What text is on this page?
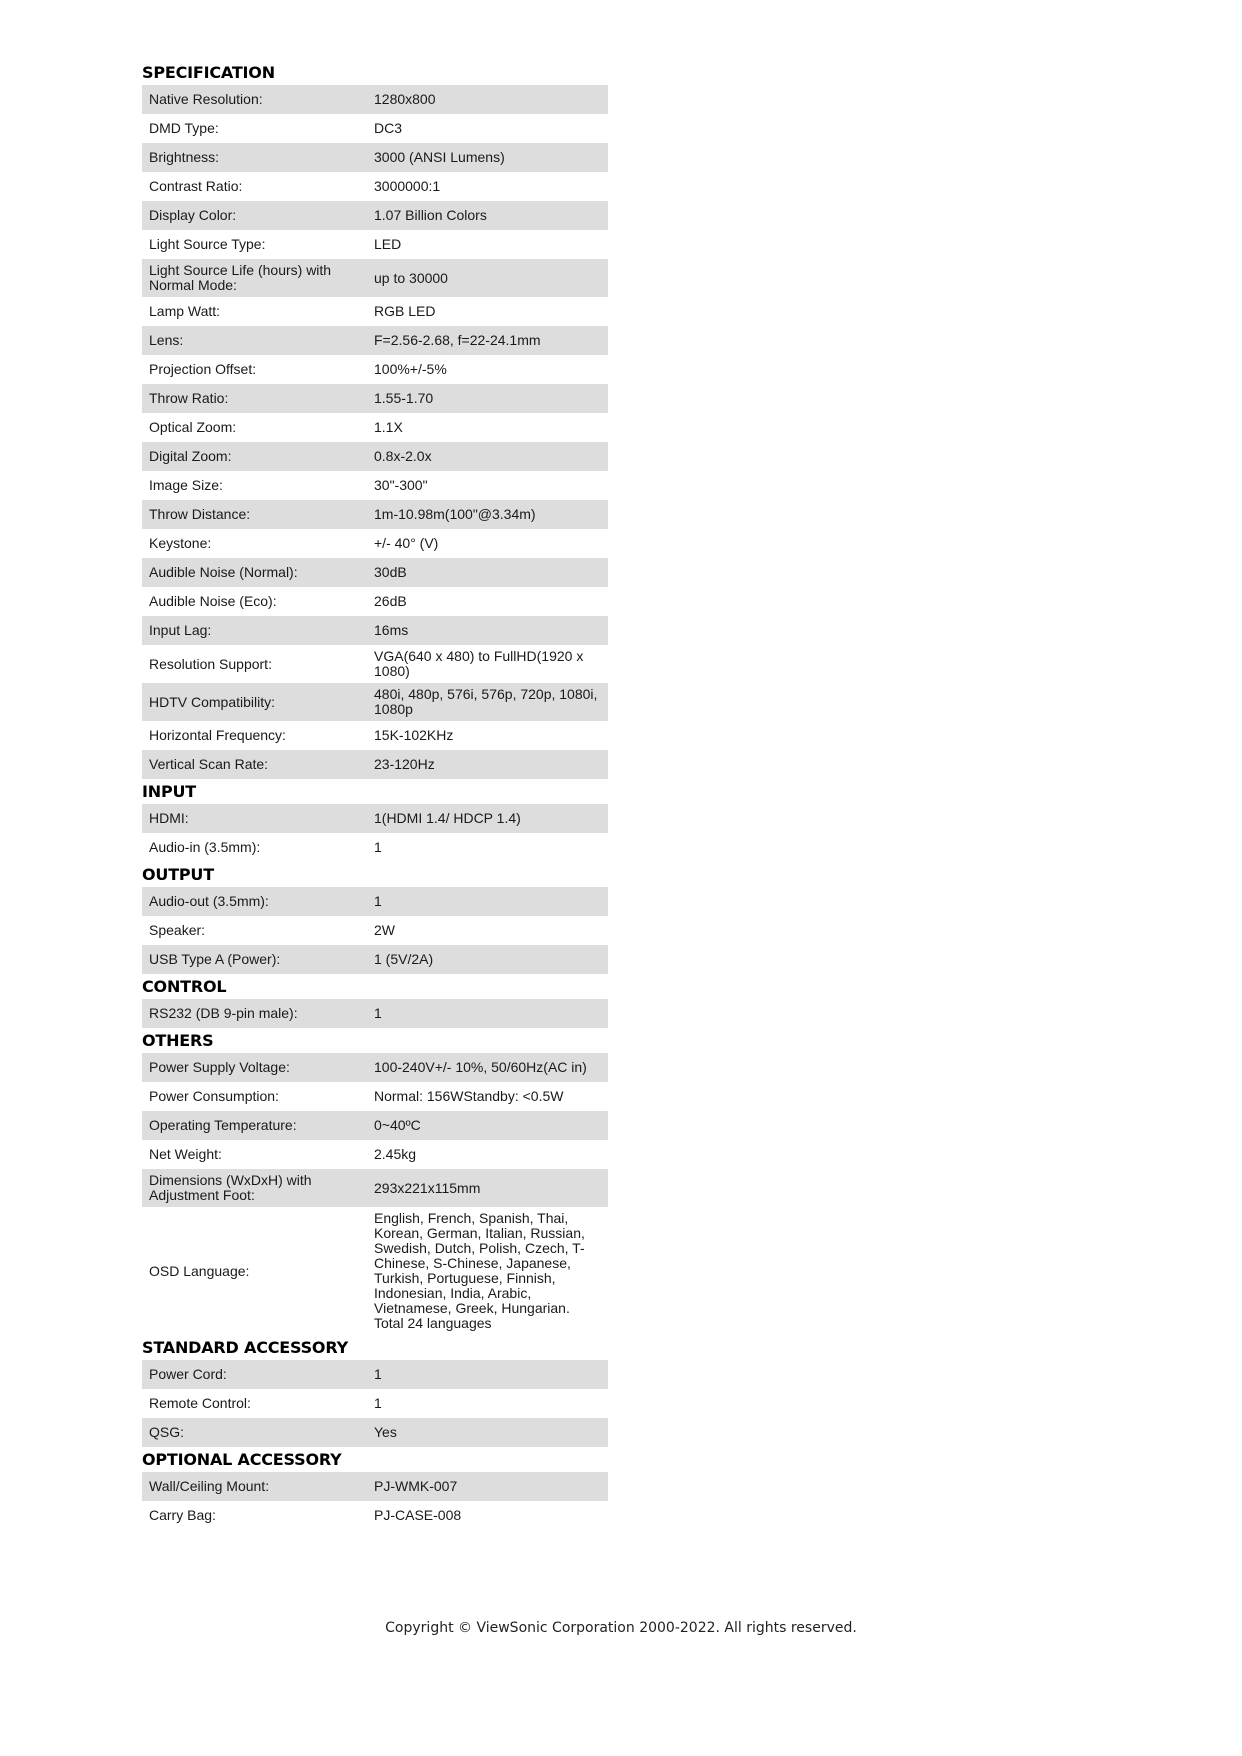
SPECIFICATION
Native Resolution:	1280x800
DMD Type:	DC3
Brightness:	3000 (ANSI Lumens)
Contrast Ratio:	3000000:1
Display Color:	1.07 Billion Colors
Light Source Type:	LED
Light Source Life (hours) with Normal Mode:	up to 30000
Lamp Watt:	RGB LED
Lens:	F=2.56-2.68, f=22-24.1mm
Projection Offset:	100%+/-5%
Throw Ratio:	1.55-1.70
Optical Zoom:	1.1X
Digital Zoom:	0.8x-2.0x
Image Size:	30"-300"
Throw Distance:	1m-10.98m(100"@3.34m)
Keystone:	+/- 40° (V)
Audible Noise (Normal):	30dB
Audible Noise (Eco):	26dB
Input Lag:	16ms
Resolution Support:	VGA(640 x 480) to FullHD(1920 x 1080)
HDTV Compatibility:	480i, 480p, 576i, 576p, 720p, 1080i, 1080p
Horizontal Frequency:	15K-102KHz
Vertical Scan Rate:	23-120Hz
INPUT
HDMI:	1(HDMI 1.4/ HDCP 1.4)
Audio-in (3.5mm):	1
OUTPUT
Audio-out (3.5mm):	1
Speaker:	2W
USB Type A (Power):	1 (5V/2A)
CONTROL
RS232 (DB 9-pin male):	1
OTHERS
Power Supply Voltage:	100-240V+/- 10%, 50/60Hz(AC in)
Power Consumption:	Normal: 156WStandby: <0.5W
Operating Temperature:	0~40ºC
Net Weight:	2.45kg
Dimensions (WxDxH) with Adjustment Foot:	293x221x115mm
OSD Language:
English, French, Spanish, Thai, Korean, German, Italian, Russian, Swedish, Dutch, Polish, Czech, T-Chinese, S-Chinese, Japanese, Turkish, Portuguese, Finnish, Indonesian, India, Arabic, Vietnamese, Greek, Hungarian. Total 24 languages
STANDARD ACCESSORY
Power Cord:	1
Remote Control:	1
QSG:	Yes
OPTIONAL ACCESSORY
Wall/Ceiling Mount:	PJ-WMK-007
Carry Bag:	PJ-CASE-008
Copyright © ViewSonic Corporation 2000-2022. All rights reserved.
